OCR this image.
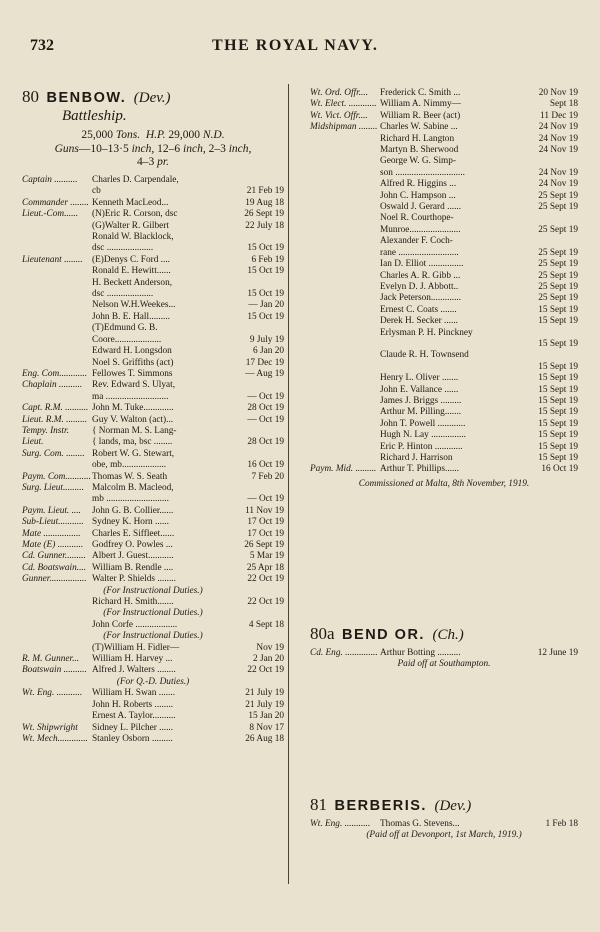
732	THE ROYAL NAVY.
80 BENBOW. (Dev.)
Battleship.
25,000 Tons. H.P. 29,000 N.D.
Guns—10–13·5 inch, 12–6 inch, 2–3 inch,
4–3 pr.
Captain ..........	Charles D. Carpendale,
cb	21 Feb 19
Commander ........ Kenneth MacLeod...	19 Aug 18
Lieut.-Com......	(N)Eric R. Corson, dsc	26 Sept 19
(G)Walter R. Gilbert	22 July 18
Ronald W. Blacklock,
dsc ....................	15 Oct 19
Lieutenant ........	(E)Denys C. Ford ....	6 Feb 19
Ronald E. Hewitt......	15 Oct 19
H. Beckett Anderson,
dsc ....................	15 Oct 19
Nelson W.H.Weekes...	— Jan 20
John B. E. Hall.........	15 Oct 19
(T)Edmund G. B.
Coore....................	9 July 19
Edward H. Longsdon	6 Jan 20
Noel S. Griffiths (act)	17 Dec 19
Eng. Com............ Fellowes T. Simmons	— Aug 19
Chaplain ..........	Rev. Edward S. Ulyat,
ma ...........................	— Oct 19
Capt. R.M. .......... John M. Tuke.............	28 Oct 19
Lieut. R.M. ......... Guy V. Walton (act)...	— Oct 19
Tempy. Instr.	{ Norman M. S. Lang-
Lieut.	{ lands, ma, bsc ........	28 Oct 19
Surg. Com. ........ Robert W. G. Stewart,
obe, mb...................	16 Oct 19
Paym. Com........... Thomas W. S. Seath	7 Feb 20
Surg. Lieut......... Malcolm B. Macleod,
mb ...........................	— Oct 19
Paym. Lieut. ....	John G. B. Collier......	11 Nov 19
Sub-Lieut........... Sydney K. Horn ......	17 Oct 19
Mate ................	Charles E. Siffleet......	17 Oct 19
Mate (E) ........... Godfrey O. Powles ...	26 Sept 19
Cd. Gunner......... Albert J. Guest...........	5 Mar 19
Cd. Boatswain.... William B. Rendle ....	25 Apr 18
Gunner................ Walter P. Shields ........	22 Oct 19
(For Instructional Duties.)
Richard H. Smith.......	22 Oct 19
(For Instructional Duties.)
John Corfe ..................	4 Sept 18
(For Instructional Duties.)
(T)William H. Fidler—	Nov 19
R. M. Gunner...	William H. Harvey ...	2 Jan 20
Boatswain .......... Alfred J. Walters ........	22 Oct 19
(For Q.-D. Duties.)
Wt. Eng. ...........	William H. Swan .......	21 July 19
John H. Roberts ........	21 July 19
Ernest A. Taylor..........	15 Jan 20
Wt. Shipwright	Sidney L. Pilcher ......	8 Nov 17
Wt. Mech............. Stanley Osborn .........	26 Aug 18
Wt. Ord. Offr....	Frederick C. Smith ...	20 Nov 19
Wt. Elect. ............ William A. Nimmy—	Sept 18
Wt. Vict. Offr....	William R. Beer (act)	11 Dec 19
Midshipman ........ Charles W. Sabine ...	24 Nov 19
Richard H. Langton	24 Nov 19
Martyn B. Sherwood	24 Nov 19
George W. G. Simp-
son ..............................	24 Nov 19
Alfred R. Higgins ...	24 Nov 19
John C. Hampson ...	25 Sept 19
Oswald J. Gerard ......	25 Sept 19
Noel R. Courthope-
Munroe......................	25 Sept 19
Alexander F. Coch-
rane ..........................	25 Sept 19
Ian D. Elliot ...............	25 Sept 19
Charles A. R. Gibb ...	25 Sept 19
Evelyn D. J. Abbott..	25 Sept 19
Jack Peterson.............	25 Sept 19
Ernest C. Coats .......	15 Sept 19
Derek H. Secker ......	15 Sept 19
Erlysman P. H. Pinckney
15 Sept 19
Claude R. H. Townsend
15 Sept 19
Henry L. Oliver .......	15 Sept 19
John E. Vallance ......	15 Sept 19
James J. Briggs .........	15 Sept 19
Arthur M. Pilling.......	15 Sept 19
John T. Powell ............	15 Sept 19
Hugh N. Lay ...............	15 Sept 19
Eric P. Hinton ............	15 Sept 19
Richard J. Harrison	15 Sept 19
Paym. Mid. ......... Arthur T. Phillips......	16 Oct 19
Commissioned at Malta, 8th November, 1919.
80a BEND OR. (Ch.)
Cd. Eng. .............. Arthur Botting ..........	12 June 19
Paid off at Southampton.
81 BERBERIS. (Dev.)
Wt. Eng. ...........	Thomas G. Stevens...	1 Feb 18
(Paid off at Devonport, 1st March, 1919.)
